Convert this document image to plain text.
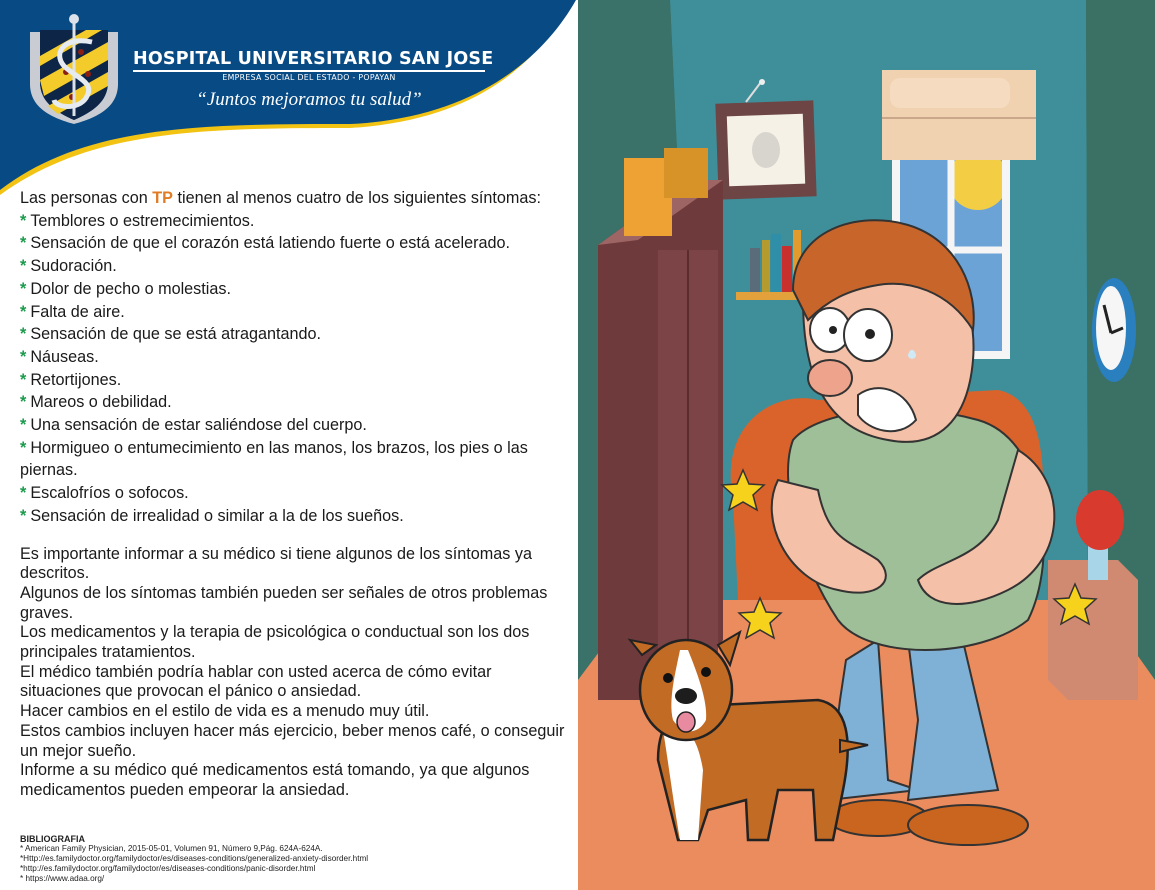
HOSPITAL UNIVERSITARIO SAN JOSE
EMPRESA SOCIAL DEL ESTADO - POPAYAN
“Juntos mejoramos tu salud”

Las personas con TP tienen al menos cuatro de los siguientes síntomas:

* Temblores o estremecimientos.
* Sensación de que el corazón está latiendo fuerte o está acelerado.
* Sudoración.
* Dolor de pecho o molestias.
* Falta de aire.
* Sensación de que se está atragantando.
* Náuseas.
* Retortijones.
* Mareos o debilidad.
* Una sensación de estar saliéndose del cuerpo.
* Hormigueo o entumecimiento en las manos, los brazos, los pies o las piernas.
* Escalofríos o sofocos.
* Sensación de irrealidad o similar a la de los sueños.

Es importante informar a su médico si tiene algunos de los síntomas ya descritos.

Algunos de los síntomas también pueden ser señales de otros problemas graves.

Los medicamentos y la terapia de psicológica o conductual son los dos principales tratamientos.

El médico también podría hablar con usted acerca de cómo evitar situaciones que provocan el pánico o ansiedad.

Hacer cambios en el estilo de vida es a menudo muy útil.

Estos cambios incluyen hacer más ejercicio, beber menos café, o conseguir un mejor sueño.

Informe a su médico qué medicamentos está tomando, ya que algunos medicamentos pueden empeorar la ansiedad.

BIBLIOGRAFIA
* American Family Physician, 2015-05-01, Volumen 91, Número 9,Pág. 624A-624A.
*Http://es.familydoctor.org/familydoctor/es/diseases-conditions/generalized-anxiety-disorder.html
*http://es.familydoctor.org/familydoctor/es/diseases-conditions/panic-disorder.html
* https://www.adaa.org/
